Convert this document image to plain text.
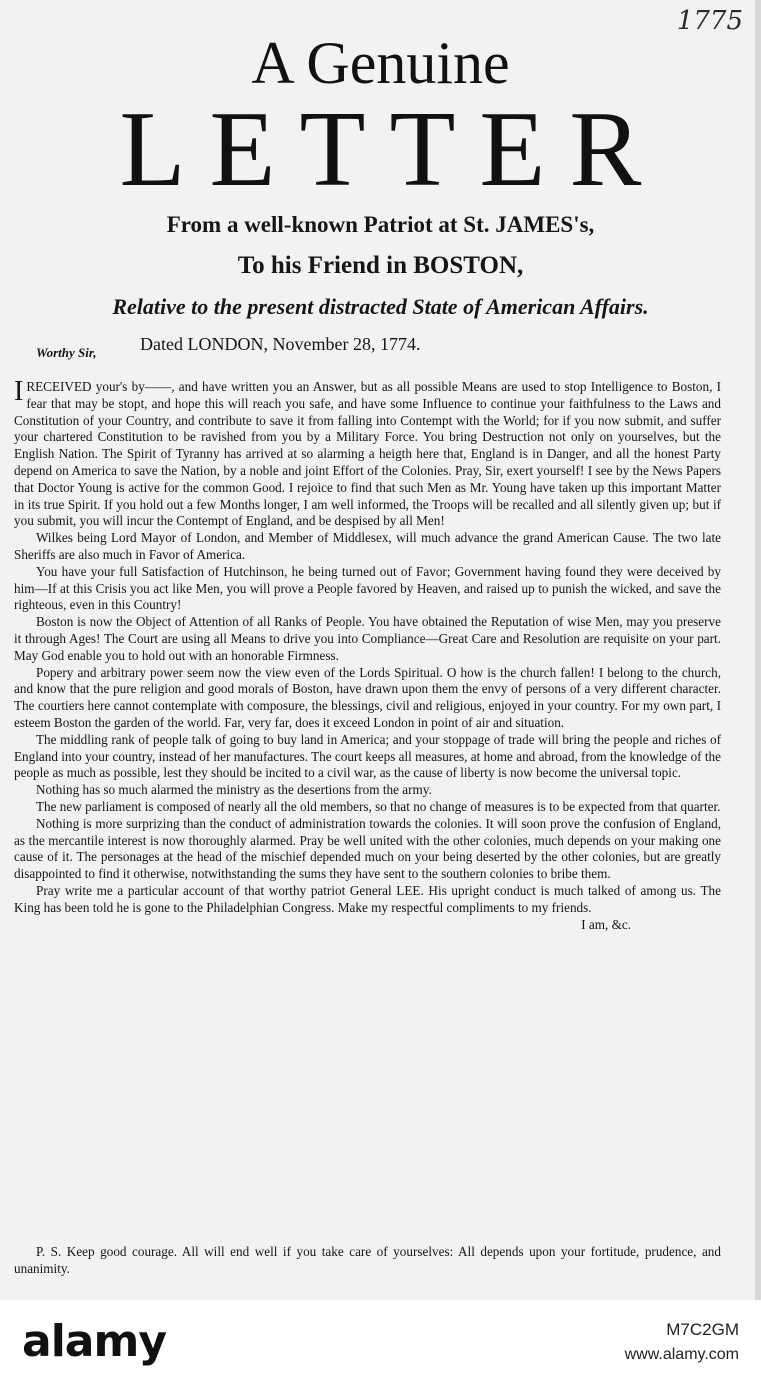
1775
A Genuine
LETTER
From a well-known Patriot at St. JAMES's,
To his Friend in BOSTON,
Relative to the present distracted State of American Affairs.
Dated LONDON, November 28, 1774.
Worthy Sir,

IRECEIVED your's by——, and have written you an Answer, but as all possible Means are used to stop Intelligence to Boston, I fear that may be stopt, and hope this will reach you safe, and have some Influence to continue your faithfulness to the Laws and Constitution of your Country, and contribute to save it from falling into Contempt with the World; for if you now submit, and suffer your chartered Constitution to be ravished from you by a Military Force. You bring Destruction not only on yourselves, but the English Nation. The Spirit of Tyranny has arrived at so alarming a heigth here that, England is in Danger, and all the honest Party depend on America to save the Nation, by a noble and joint Effort of the Colonies. Pray, Sir, exert yourself! I see by the News Papers that Doctor Young is active for the common Good. I rejoice to find that such Men as Mr. Young have taken up this important Matter in its true Spirit. If you hold out a few Months longer, I am well informed, the Troops will be recalled and all silently given up; but if you submit, you will incur the Contempt of England, and be despised by all Men!

Wilkes being Lord Mayor of London, and Member of Middlesex, will much advance the grand American Cause. The two late Sheriffs are also much in Favor of America.

You have your full Satisfaction of Hutchinson, he being turned out of Favor; Government having found they were deceived by him—If at this Crisis you act like Men, you will prove a People favored by Heaven, and raised up to punish the wicked, and save the righteous, even in this Country!

Boston is now the Object of Attention of all Ranks of People. You have obtained the Reputation of wise Men, may you preserve it through Ages! The Court are using all Means to drive you into Compliance—Great Care and Resolution are requisite on your part. May God enable you to hold out with an honorable Firmness.

Popery and arbitrary power seem now the view even of the Lords Spiritual. O how is the church fallen! I belong to the church, and know that the pure religion and good morals of Boston, have drawn upon them the envy of persons of a very different character. The courtiers here cannot contemplate with composure, the blessings, civil and religious, enjoyed in your country. For my own part, I esteem Boston the garden of the world. Far, very far, does it exceed London in point of air and situation.

The middling rank of people talk of going to buy land in America; and your stoppage of trade will bring the people and riches of England into your country, instead of her manufactures. The court keeps all measures, at home and abroad, from the knowledge of the people as much as possible, lest they should be incited to a civil war, as the cause of liberty is now become the universal topic.

Nothing has so much alarmed the ministry as the desertions from the army.

The new parliament is composed of nearly all the old members, so that no change of measures is to be expected from that quarter.

Nothing is more surprizing than the conduct of administration towards the colonies. It will soon prove the confusion of England, as the mercantile interest is now thoroughly alarmed. Pray be well united with the other colonies, much depends on your making one cause of it. The personages at the head of the mischief depended much on your being deserted by the other colonies, but are greatly disappointed to find it otherwise, notwithstanding the sums they have sent to the southern colonies to bribe them.

Pray write me a particular account of that worthy patriot General LEE. His upright conduct is much talked of among us. The King has been told he is gone to the Philadelphian Congress. Make my respectful compliments to my friends.

I am, &c.

P. S. Keep good courage. All will end well if you take care of yourselves: All depends upon your fortitude, prudence, and unanimity.
alamy	M7C2GM
www.alamy.com
